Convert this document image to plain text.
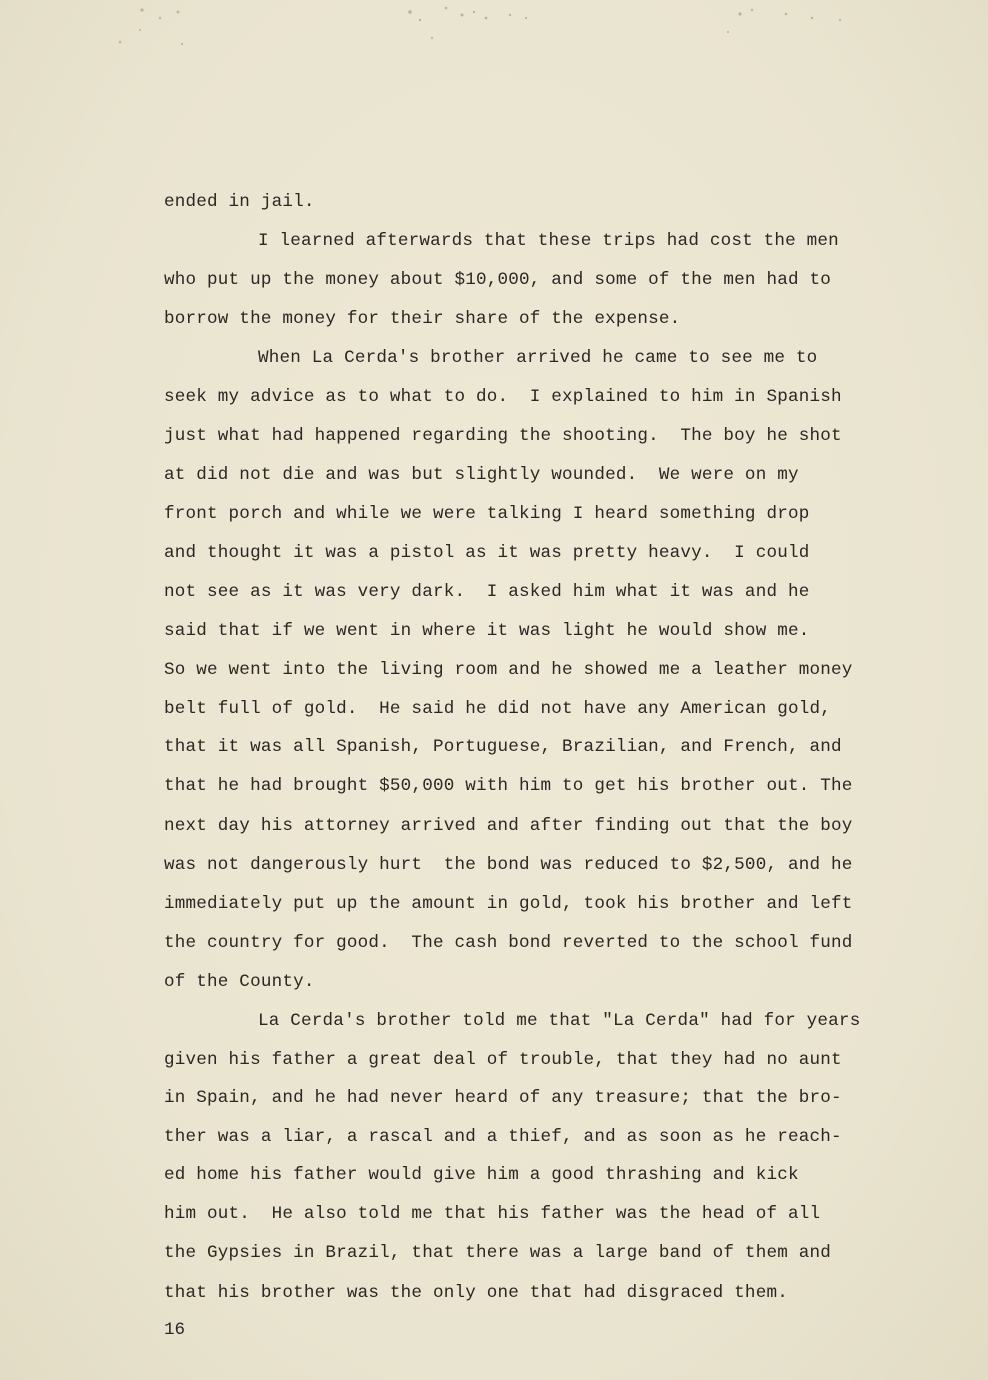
ended in jail.
I learned afterwards that these trips had cost the men
who put up the money about $10,000, and some of the men had to
borrow the money for their share of the expense.
When La Cerda's brother arrived he came to see me to
seek my advice as to what to do.  I explained to him in Spanish
just what had happened regarding the shooting.  The boy he shot
at did not die and was but slightly wounded.  We were on my
front porch and while we were talking I heard something drop
and thought it was a pistol as it was pretty heavy.  I could
not see as it was very dark.  I asked him what it was and he
said that if we went in where it was light he would show me.
So we went into the living room and he showed me a leather money
belt full of gold.  He said he did not have any American gold,
that it was all Spanish, Portuguese, Brazilian, and French, and
that he had brought $50,000 with him to get his brother out. The
next day his attorney arrived and after finding out that the boy
was not dangerously hurt  the bond was reduced to $2,500, and he
immediately put up the amount in gold, took his brother and left
the country for good.  The cash bond reverted to the school fund
of the County.
La Cerda's brother told me that "La Cerda" had for years
given his father a great deal of trouble, that they had no aunt
in Spain, and he had never heard of any treasure; that the bro-
ther was a liar, a rascal and a thief, and as soon as he reach-
ed home his father would give him a good thrashing and kick
him out.  He also told me that his father was the head of all
the Gypsies in Brazil, that there was a large band of them and
that his brother was the only one that had disgraced them.
16
